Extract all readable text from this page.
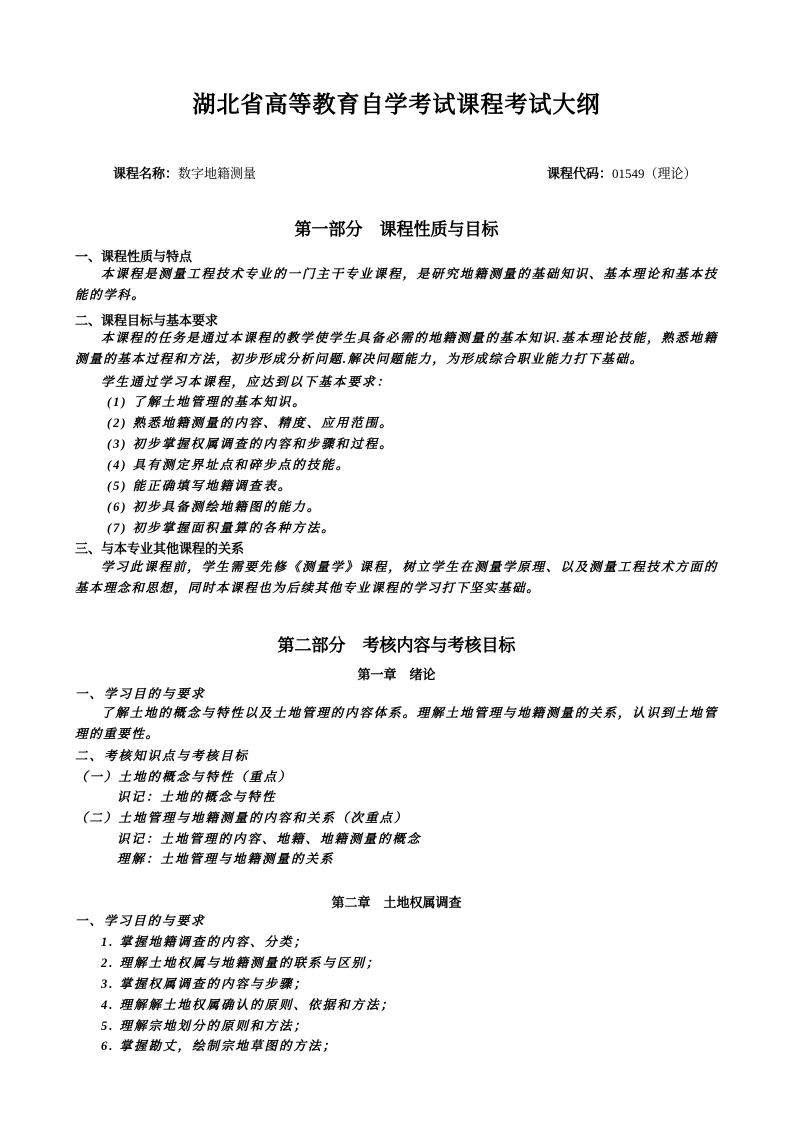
湖北省高等教育自学考试课程考试大纲
课程名称：数字地籍测量	课程代码：01549（理论）
第一部分　课程性质与目标
一、课程性质与特点
本课程是测量工程技术专业的一门主干专业课程，是研究地籍测量的基础知识、基本理论和基本技能的学科。
二、课程目标与基本要求
本课程的任务是通过本课程的教学使学生具备必需的地籍测量的基本知识.基本理论技能，熟悉地籍测量的基本过程和方法，初步形成分析问题.解决问题能力，为形成综合职业能力打下基础。
学生通过学习本课程，应达到以下基本要求：
(1) 了解土地管理的基本知识。
(2) 熟悉地籍测量的内容、精度、应用范围。
(3) 初步掌握权属调查的内容和步骤和过程。
(4) 具有测定界址点和碎步点的技能。
(5) 能正确填写地籍调查表。
(6) 初步具备测绘地籍图的能力。
(7) 初步掌握面积量算的各种方法。
三、与本专业其他课程的关系
学习此课程前，学生需要先修《测量学》课程，树立学生在测量学原理、以及测量工程技术方面的基本理念和思想，同时本课程也为后续其他专业课程的学习打下坚实基础。
第二部分　考核内容与考核目标
第一章　绪论
一、学习目的与要求
了解土地的概念与特性以及土地管理的内容体系。理解土地管理与地籍测量的关系，认识到土地管理的重要性。
二、考核知识点与考核目标
（一）土地的概念与特性（重点）
识记：土地的概念与特性
（二）土地管理与地籍测量的内容和关系（次重点）
识记：土地管理的内容、地籍、地籍测量的概念
理解：土地管理与地籍测量的关系
第二章　土地权属调查
一、学习目的与要求
1. 掌握地籍调查的内容、分类；
2. 理解土地权属与地籍测量的联系与区别；
3. 掌握权属调查的内容与步骤；
4. 理解解土地权属确认的原则、依据和方法；
5. 理解宗地划分的原则和方法；
6. 掌握勘丈，绘制宗地草图的方法；
